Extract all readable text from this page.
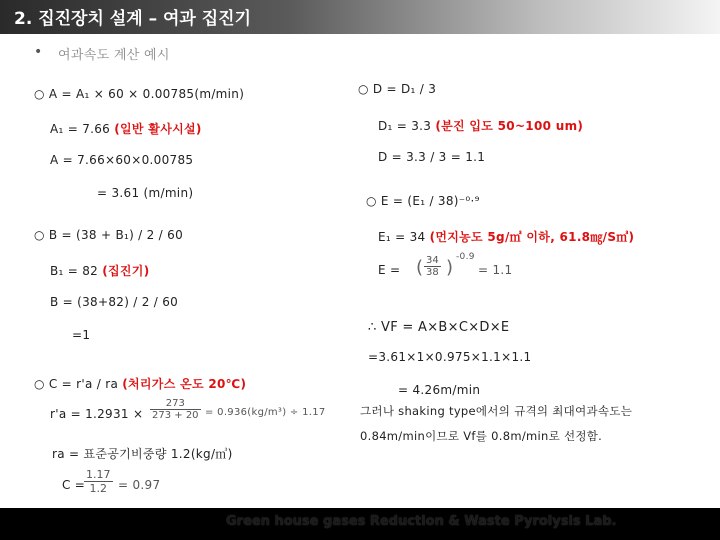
2. 집진장치 설계 – 여과 집진기
• 여과속도 계산 예시
○ A = A₁ × 60 × 0.00785(m/min)
A₁ = 7.66 (일반 활사시설)
A = 7.66×60×0.00785
= 3.61 (m/min)
○ B = (38 + B₁) / 2 / 60
B₁ = 82 (집진기)
B = (38+82) / 2 / 60
=1
○ C = r'a / ra (처리가스 온도 20℃)
$r'a = 1.2931 \times \frac{273}{273 + 20} = 0.936(kg/m^3) \div 1.17$
ra = 표준공기비중량 1.2(kg/㎥)
C =
$\frac{1.17}{1.2} = 0.97$
○ D = D₁ / 3
D₁ = 3.3 (분진 입도 50~100 um)
D = 3.3 / 3 = 1.1
○ E = (E₁ / 38)⁻⁰·⁹
E₁ = 34 (먼지농도 5g/㎥ 이하, 61.8㎎/S㎥)
E = ( $\frac{34}{38}$ ) -0.9
= 1.1
∴ VF = A×B×C×D×E
=3.61×1×0.975×1.1×1.1
= 4.26m/min
그러나 shaking type에서의 규격의 최대여과속도는
0.84m/min이므로 Vf를 0.8m/min로 선정함.
Green house gases Reduction & Waste Pyrolysis Lab.
